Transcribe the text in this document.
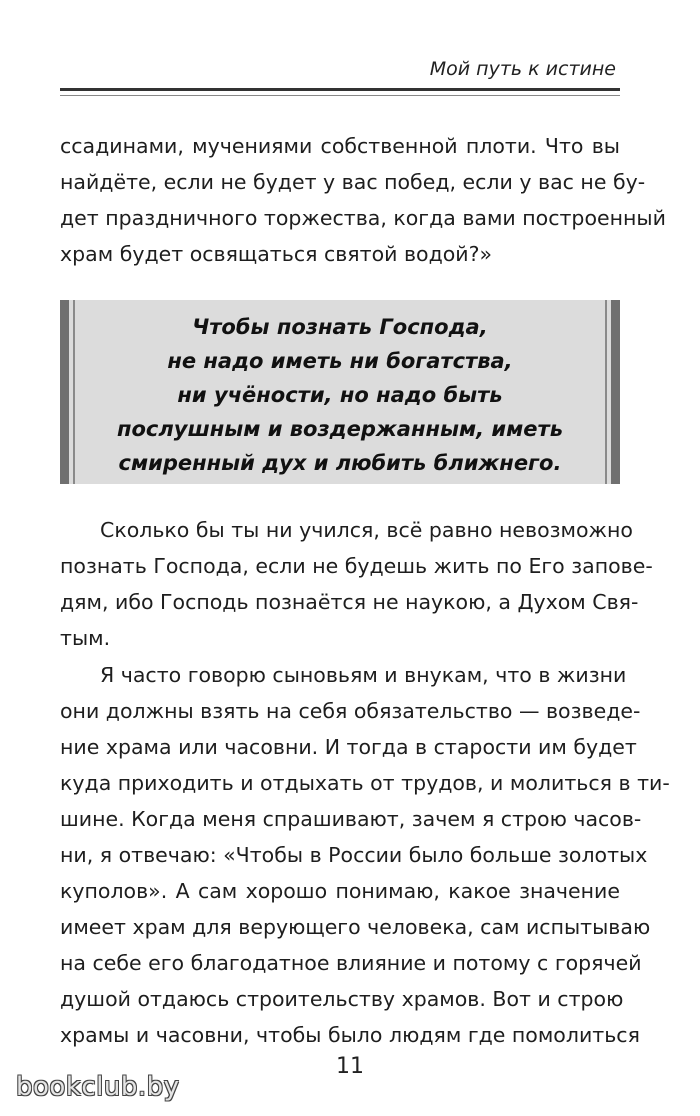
Мой путь к истине

ссадинами, мучениями собственной плоти. Что вы
найдёте, если не будет у вас побед, если у вас не бу-
дет праздничного торжества, когда вами построенный
храм будет освящаться святой водой?»

Чтобы познать Господа,
не надо иметь ни богатства,
ни учёности, но надо быть
послушным и воздержанным, иметь
смиренный дух и любить ближнего.

Сколько бы ты ни учился, всё равно невозможно
познать Господа, если не будешь жить по Его запове-
дям, ибо Господь познаётся не наукою, а Духом Свя-
тым.

Я часто говорю сыновьям и внукам, что в жизни
они должны взять на себя обязательство — возведе-
ние храма или часовни. И тогда в старости им будет
куда приходить и отдыхать от трудов, и молиться в ти-
шине. Когда меня спрашивают, зачем я строю часов-
ни, я отвечаю: «Чтобы в России было больше золотых
куполов». А сам хорошо понимаю, какое значение
имеет храм для верующего человека, сам испытываю
на себе его благодатное влияние и потому с горячей
душой отдаюсь строительству храмов. Вот и строю
храмы и часовни, чтобы было людям где помолиться

11
bookclub.by
